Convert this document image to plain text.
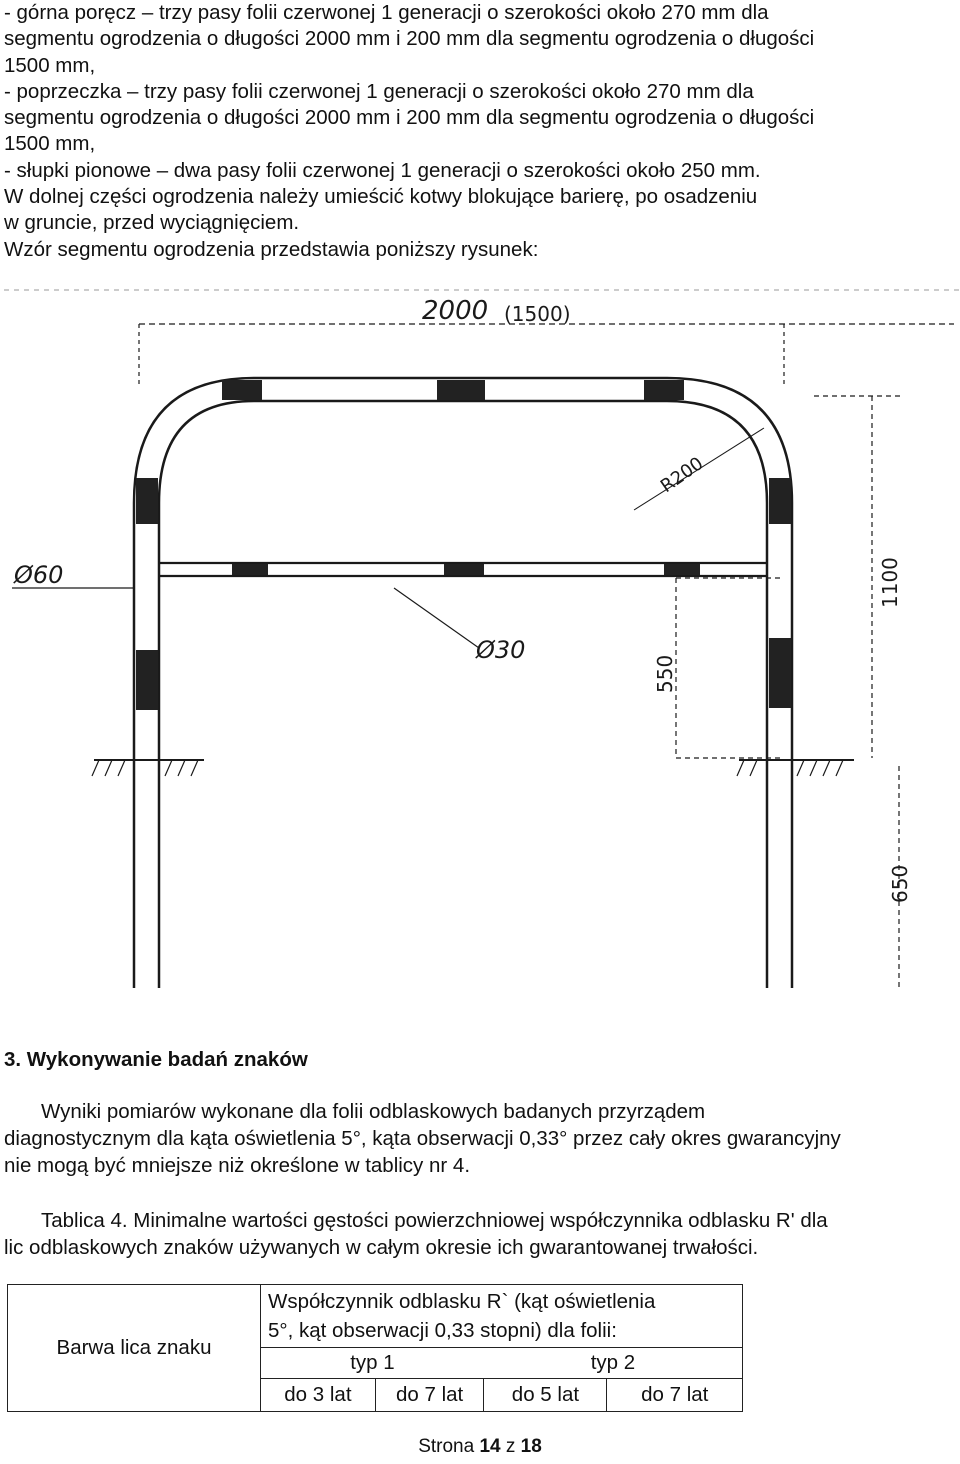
- górna poręcz – trzy pasy folii czerwonej 1 generacji o szerokości około 270 mm dla
segmentu ogrodzenia o długości 2000 mm i 200 mm dla segmentu ogrodzenia o długości
1500 mm,
- poprzeczka – trzy pasy folii czerwonej 1 generacji o szerokości około 270 mm dla
segmentu ogrodzenia o długości 2000 mm i 200 mm dla segmentu ogrodzenia o długości
1500 mm,
- słupki pionowe – dwa pasy folii czerwonej 1 generacji o szerokości około 250 mm.
W dolnej części ogrodzenia należy umieścić kotwy blokujące barierę, po osadzeniu
w gruncie, przed wyciągnięciem.
Wzór segmentu ogrodzenia przedstawia poniższy rysunek:
2000 (1500)
1100
650
550
R200
Ø60
Ø30
3. Wykonywanie badań znaków
Wyniki pomiarów wykonane dla folii odblaskowych badanych przyrządem
diagnostycznym dla kąta oświetlenia 5°, kąta obserwacji 0,33° przez cały okres gwarancyjny
nie mogą być mniejsze niż określone w tablicy nr 4.
Tablica 4. Minimalne wartości gęstości powierzchniowej współczynnika odblasku R' dla
lic odblaskowych znaków używanych w całym okresie ich gwarantowanej trwałości.
Barwa lica znaku	Współczynnik odblasku R` (kąt oświetlenia
5°, kąt obserwacji 0,33 stopni) dla folii:			

	typ 1		typ 2	
	do 3 lat	do 7 lat	do 5 lat	do 7 lat
Strona 14 z 18
